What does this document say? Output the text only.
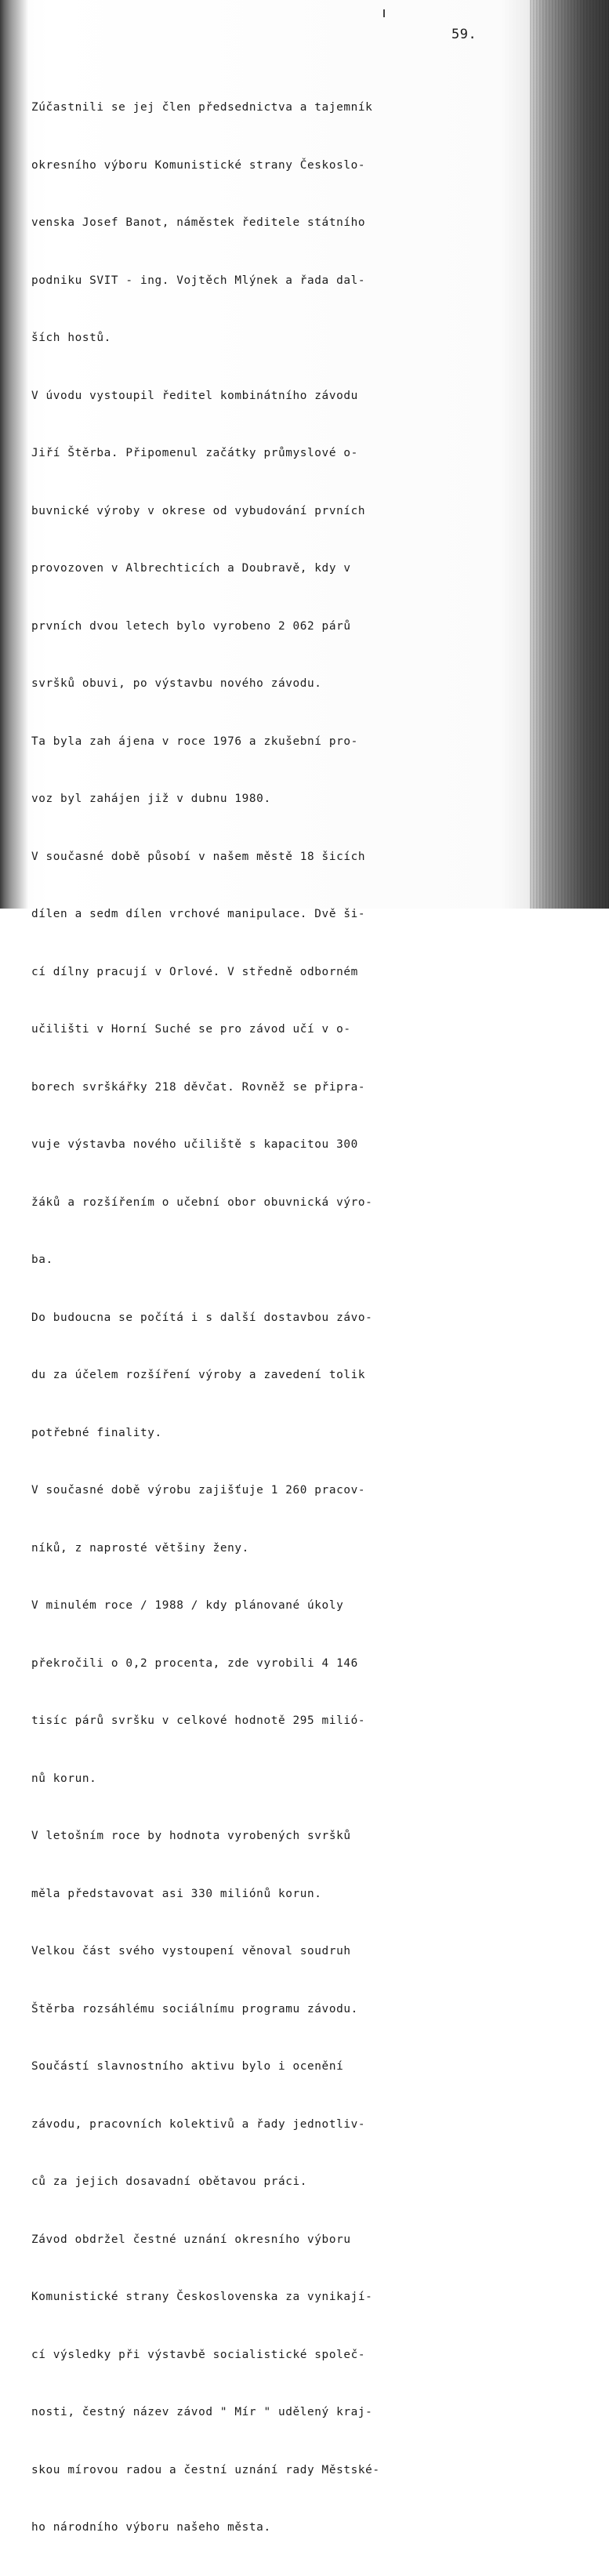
59.

Zúčastnili se jej člen předsednictva a tajemník

okresního výboru Komunistické strany Českoslo-

venska Josef Banot, náměstek ředitele státního

podniku SVIT - ing. Vojtěch Mlýnek a řada dal-

ších hostů.

V úvodu vystoupil ředitel kombinátního závodu

Jiří Štěrba. Připomenul začátky průmyslové o-

buvnické výroby v okrese od vybudování prvních

provozoven v Albrechticích a Doubravě, kdy v

prvních dvou letech bylo vyrobeno 2 062 párů

svršků obuvi, po výstavbu nového závodu.

Ta byla zah ájena v roce 1976 a zkušební pro-

voz byl zahájen již v dubnu 1980.

V současné době působí v našem městě 18 šicích

dílen a sedm dílen vrchové manipulace. Dvě ši-

cí dílny pracují v Orlové. V středně odborném

učilišti v Horní Suché se pro závod učí v o-

borech svrškářky 218 děvčat. Rovněž se připra-

vuje výstavba nového učiliště s kapacitou 300

žáků a rozšířením o učební obor obuvnická výro-

ba.

Do budoucna se počítá i s další dostavbou závo-

du za účelem rozšíření výroby a zavedení tolik

potřebné finality.

V současné době výrobu zajišťuje 1 260 pracov-

níků, z naprosté většiny ženy.

V minulém roce / 1988 / kdy plánované úkoly

překročili o 0,2 procenta, zde vyrobili 4 146

tisíc párů svršku v celkové hodnotě 295 milió-

nů korun.

V letošním roce by hodnota vyrobených svršků

měla představovat asi 330 miliónů korun.

Velkou část svého vystoupení věnoval soudruh

Štěrba rozsáhlému sociálnímu programu závodu.

Součástí slavnostního aktivu bylo i ocenění

závodu, pracovních kolektivů a řady jednotliv-

ců za jejich dosavadní obětavou práci.

Závod obdržel čestné uznání okresního výboru

Komunistické strany Československa za vynikají-

cí výsledky při výstavbě socialistické společ-

nosti, čestný název závod " Mír " udělený kraj-

skou mírovou radou a čestní uznání rady Městské-

ho národního výboru našeho města.
